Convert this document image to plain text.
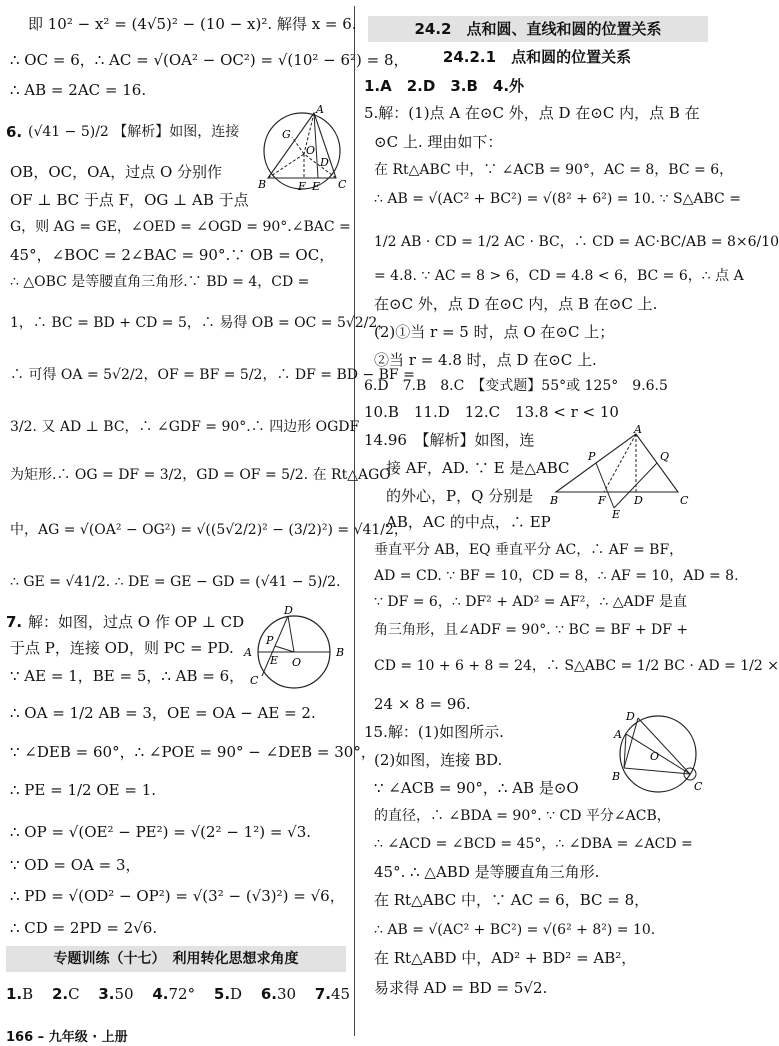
即 10² − x² = (4√5)² − (10 − x)². 解得 x = 6.
∴ OC = 6，∴ AC = √(OA² − OC²) = √(10² − 6²) = 8，
∴ AB = 2AC = 16.
6. (√41 − 5)/2 【解析】如图，连接
OB，OC，OA，过点 O 分别作
OF ⊥ BC 于点 F，OG ⊥ AB 于点
G，则 AG = GE，∠OED = ∠OGD = 90°.∠BAC =
45°，∠BOC = 2∠BAC = 90°.∵ OB = OC，
∴ △OBC 是等腰直角三角形.∵ BD = 4，CD =
1，∴ BC = BD + CD = 5，∴ 易得 OB = OC = 5√2/2，
∴ 可得 OA = 5√2/2，OF = BF = 5/2，∴ DF = BD − BF =
3/2. 又 AD ⊥ BC，∴ ∠GDF = 90°.∴ 四边形 OGDF
为矩形.∴ OG = DF = 3/2，GD = OF = 5/2. 在 Rt△AGO
中，AG = √(OA² − OG²) = √((5√2/2)² − (3/2)²) = √41/2，
∴ GE = √41/2. ∴ DE = GE − GD = (√41 − 5)/2.
7. 解：如图，过点 O 作 OP ⊥ CD
于点 P，连接 OD，则 PC = PD.
∵ AE = 1，BE = 5，∴ AB = 6，
∴ OA = 1/2 AB = 3，OE = OA − AE = 2.
∵ ∠DEB = 60°，∴ ∠POE = 90° − ∠DEB = 30°，
∴ PE = 1/2 OE = 1.
∴ OP = √(OE² − PE²) = √(2² − 1²) = √3.
∵ OD = OA = 3，
∴ PD = √(OD² − OP²) = √(3² − (√3)²) = √6，
∴ CD = 2PD = 2√6.
A
G
O
D
E
F
B	C
D
A
P
E O
B
C
专题训练（十七）　利用转化思想求角度
1.B 2.C 3.50 4.72° 5.D 6.30 7.45
166 – 九年级 · 上册
24.2　点和圆、直线和圆的位置关系
24.2.1　点和圆的位置关系
1.A　2.D　3.B　4.外
5.解：(1)点 A 在⊙C 外，点 D 在⊙C 内，点 B 在
⊙C 上. 理由如下：
在 Rt△ABC 中，∵ ∠ACB = 90°，AC = 8，BC = 6，
∴ AB = √(AC² + BC²) = √(8² + 6²) = 10. ∵ S△ABC =
1/2 AB · CD = 1/2 AC · BC，∴ CD = AC·BC/AB = 8×6/10
= 4.8. ∵ AC = 8 > 6，CD = 4.8 < 6，BC = 6，∴ 点 A
在⊙C 外，点 D 在⊙C 内，点 B 在⊙C 上.
(2)①当 r = 5 时，点 O 在⊙C 上；
②当 r = 4.8 时，点 D 在⊙C 上.
6.D　7.B　8.C　【变式题】55°或 125°　9.6.5
10.B　11.D　12.C　13.8 < r < 10
14.96　【解析】如图，连
接 AF，AD. ∵ E 是△ABC
的外心，P，Q 分别是
AB，AC 的中点，∴ EP
垂直平分 AB，EQ 垂直平分 AC，∴ AF = BF，
AD = CD. ∵ BF = 10，CD = 8，∴ AF = 10，AD = 8.
∵ DF = 6，∴ DF² + AD² = AF²，∴ △ADF 是直
角三角形，且∠ADF = 90°. ∵ BC = BF + DF +
CD = 10 + 6 + 8 = 24，∴ S△ABC = 1/2 BC · AD = 1/2 ×
24 × 8 = 96.
15.解：(1)如图所示.
(2)如图，连接 BD.
∵ ∠ACB = 90°，∴ AB 是⊙O
的直径，∴ ∠BDA = 90°. ∵ CD 平分∠ACB，
∴ ∠ACD = ∠BCD = 45°，∴ ∠DBA = ∠ACD =
45°. ∴ △ABD 是等腰直角三角形.
在 Rt△ABC 中，∵ AC = 6，BC = 8，
∴ AB = √(AC² + BC²) = √(6² + 8²) = 10.
在 Rt△ABD 中，AD² + BD² = AB²，
易求得 AD = BD = 5√2.
A
P	Q
B	F	D	C
E
D
A
O
B
C
